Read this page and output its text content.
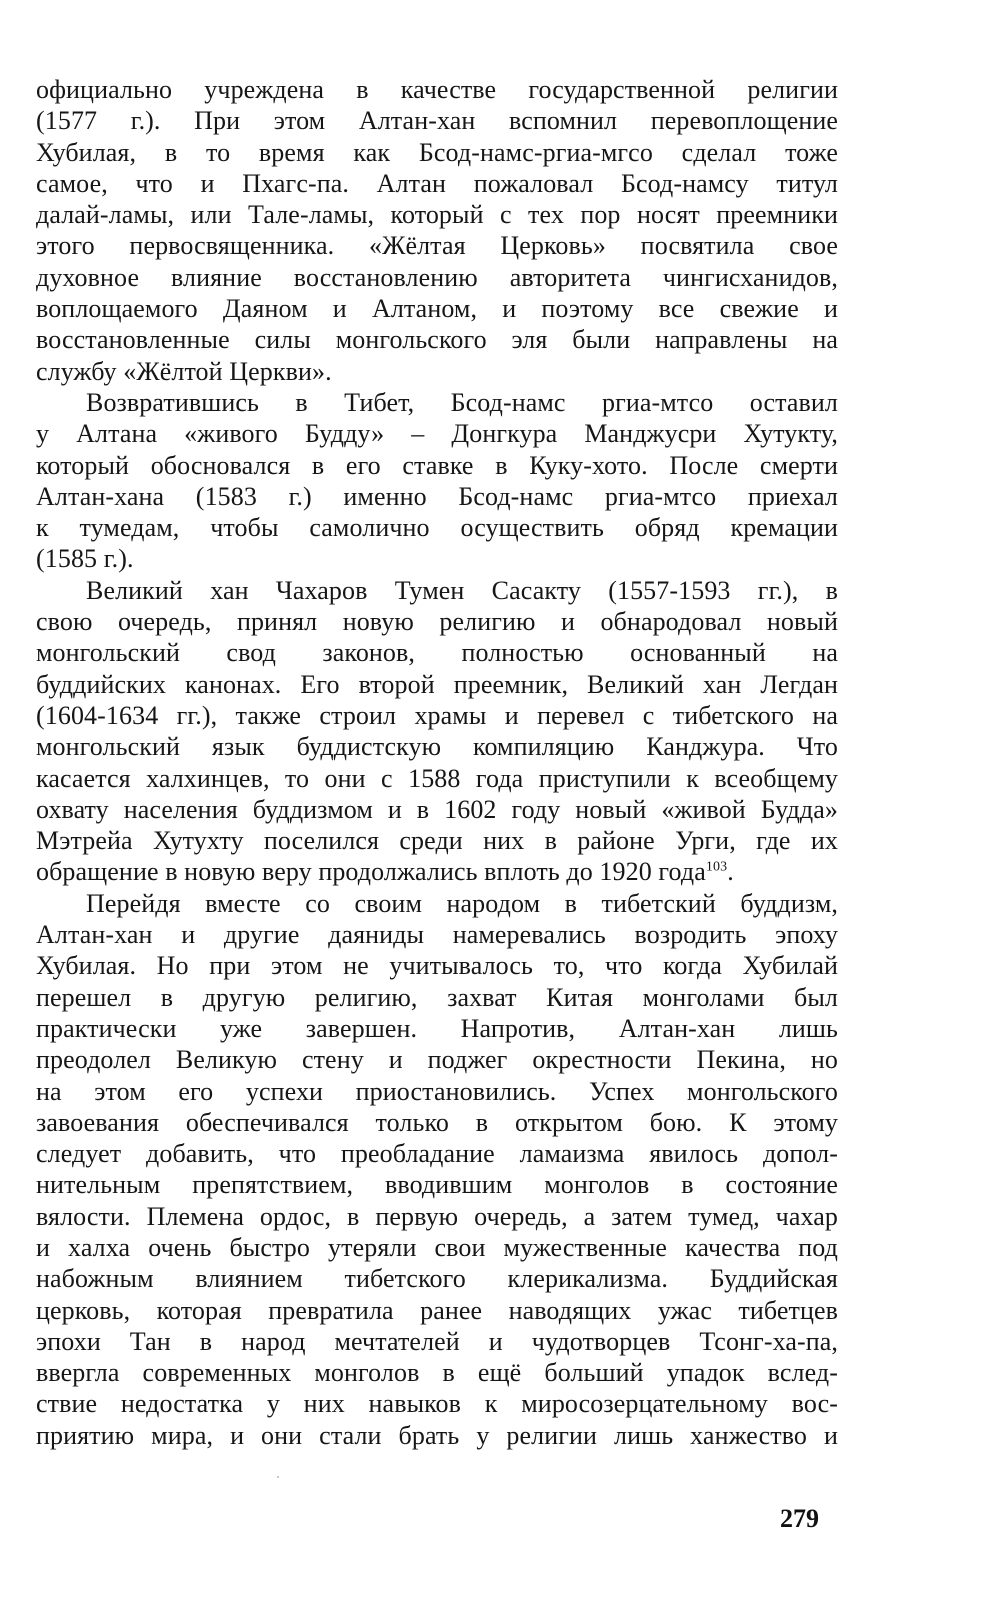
официально учреждена в качестве государственной религии
(1577 г.). При этом Алтан-хан вспомнил перевоплощение
Хубилая, в то время как Бсод-намс-ргиа-мгсо сделал тоже
самое, что и Пхагс-па. Алтан пожаловал Бсод-намсу титул
далай-ламы, или Тале-ламы, который с тех пор носят преемники
этого первосвященника. «Жёлтая Церковь» посвятила свое
духовное влияние восстановлению авторитета чингисханидов,
воплощаемого Даяном и Алтаном, и поэтому все свежие и
восстановленные силы монгольского эля были направлены на
службу «Жёлтой Церкви».
Возвратившись в Тибет, Бсод-намс ргиа-мтсо оставил
у Алтана «живого Будду» – Донгкура Манджусри Хутукту,
который обосновался в его ставке в Куку-хото. После смерти
Алтан-хана (1583 г.) именно Бсод-намс ргиа-мтсо приехал
к тумедам, чтобы самолично осуществить обряд кремации
(1585 г.).
Великий хан Чахаров Тумен Сасакту (1557-1593 гг.), в
свою очередь, принял новую религию и обнародовал новый
монгольский свод законов, полностью основанный на
буддийских канонах. Его второй преемник, Великий хан Легдан
(1604-1634 гг.), также строил храмы и перевел с тибетского на
монгольский язык буддистскую компиляцию Канджура. Что
касается халхинцев, то они с 1588 года приступили к всеобщему
охвату населения буддизмом и в 1602 году новый «живой Будда»
Мэтрейа Хутухту поселился среди них в районе Урги, где их
обращение в новую веру продолжались вплоть до 1920 года$^{103}$.
Перейдя вместе со своим народом в тибетский буддизм,
Алтан-хан и другие даяниды намеревались возродить эпоху
Хубилая. Но при этом не учитывалось то, что когда Хубилай
перешел в другую религию, захват Китая монголами был
практически уже завершен. Напротив, Алтан-хан лишь
преодолел Великую стену и поджег окрестности Пекина, но
на этом его успехи приостановились. Успех монгольского
завоевания обеспечивался только в открытом бою. К этому
следует добавить, что преобладание ламаизма явилось допол-
нительным препятствием, вводившим монголов в состояние
вялости. Племена ордос, в первую очередь, а затем тумед, чахар
и халха очень быстро утеряли свои мужественные качества под
набожным влиянием тибетского клерикализма. Буддийская
церковь, которая превратила ранее наводящих ужас тибетцев
эпохи Тан в народ мечтателей и чудотворцев Тсонг-ха-па,
ввергла современных монголов в ещё больший упадок вслед-
ствие недостатка у них навыков к миросозерцательному вос-
приятию мира, и они стали брать у религии лишь ханжество и
279
